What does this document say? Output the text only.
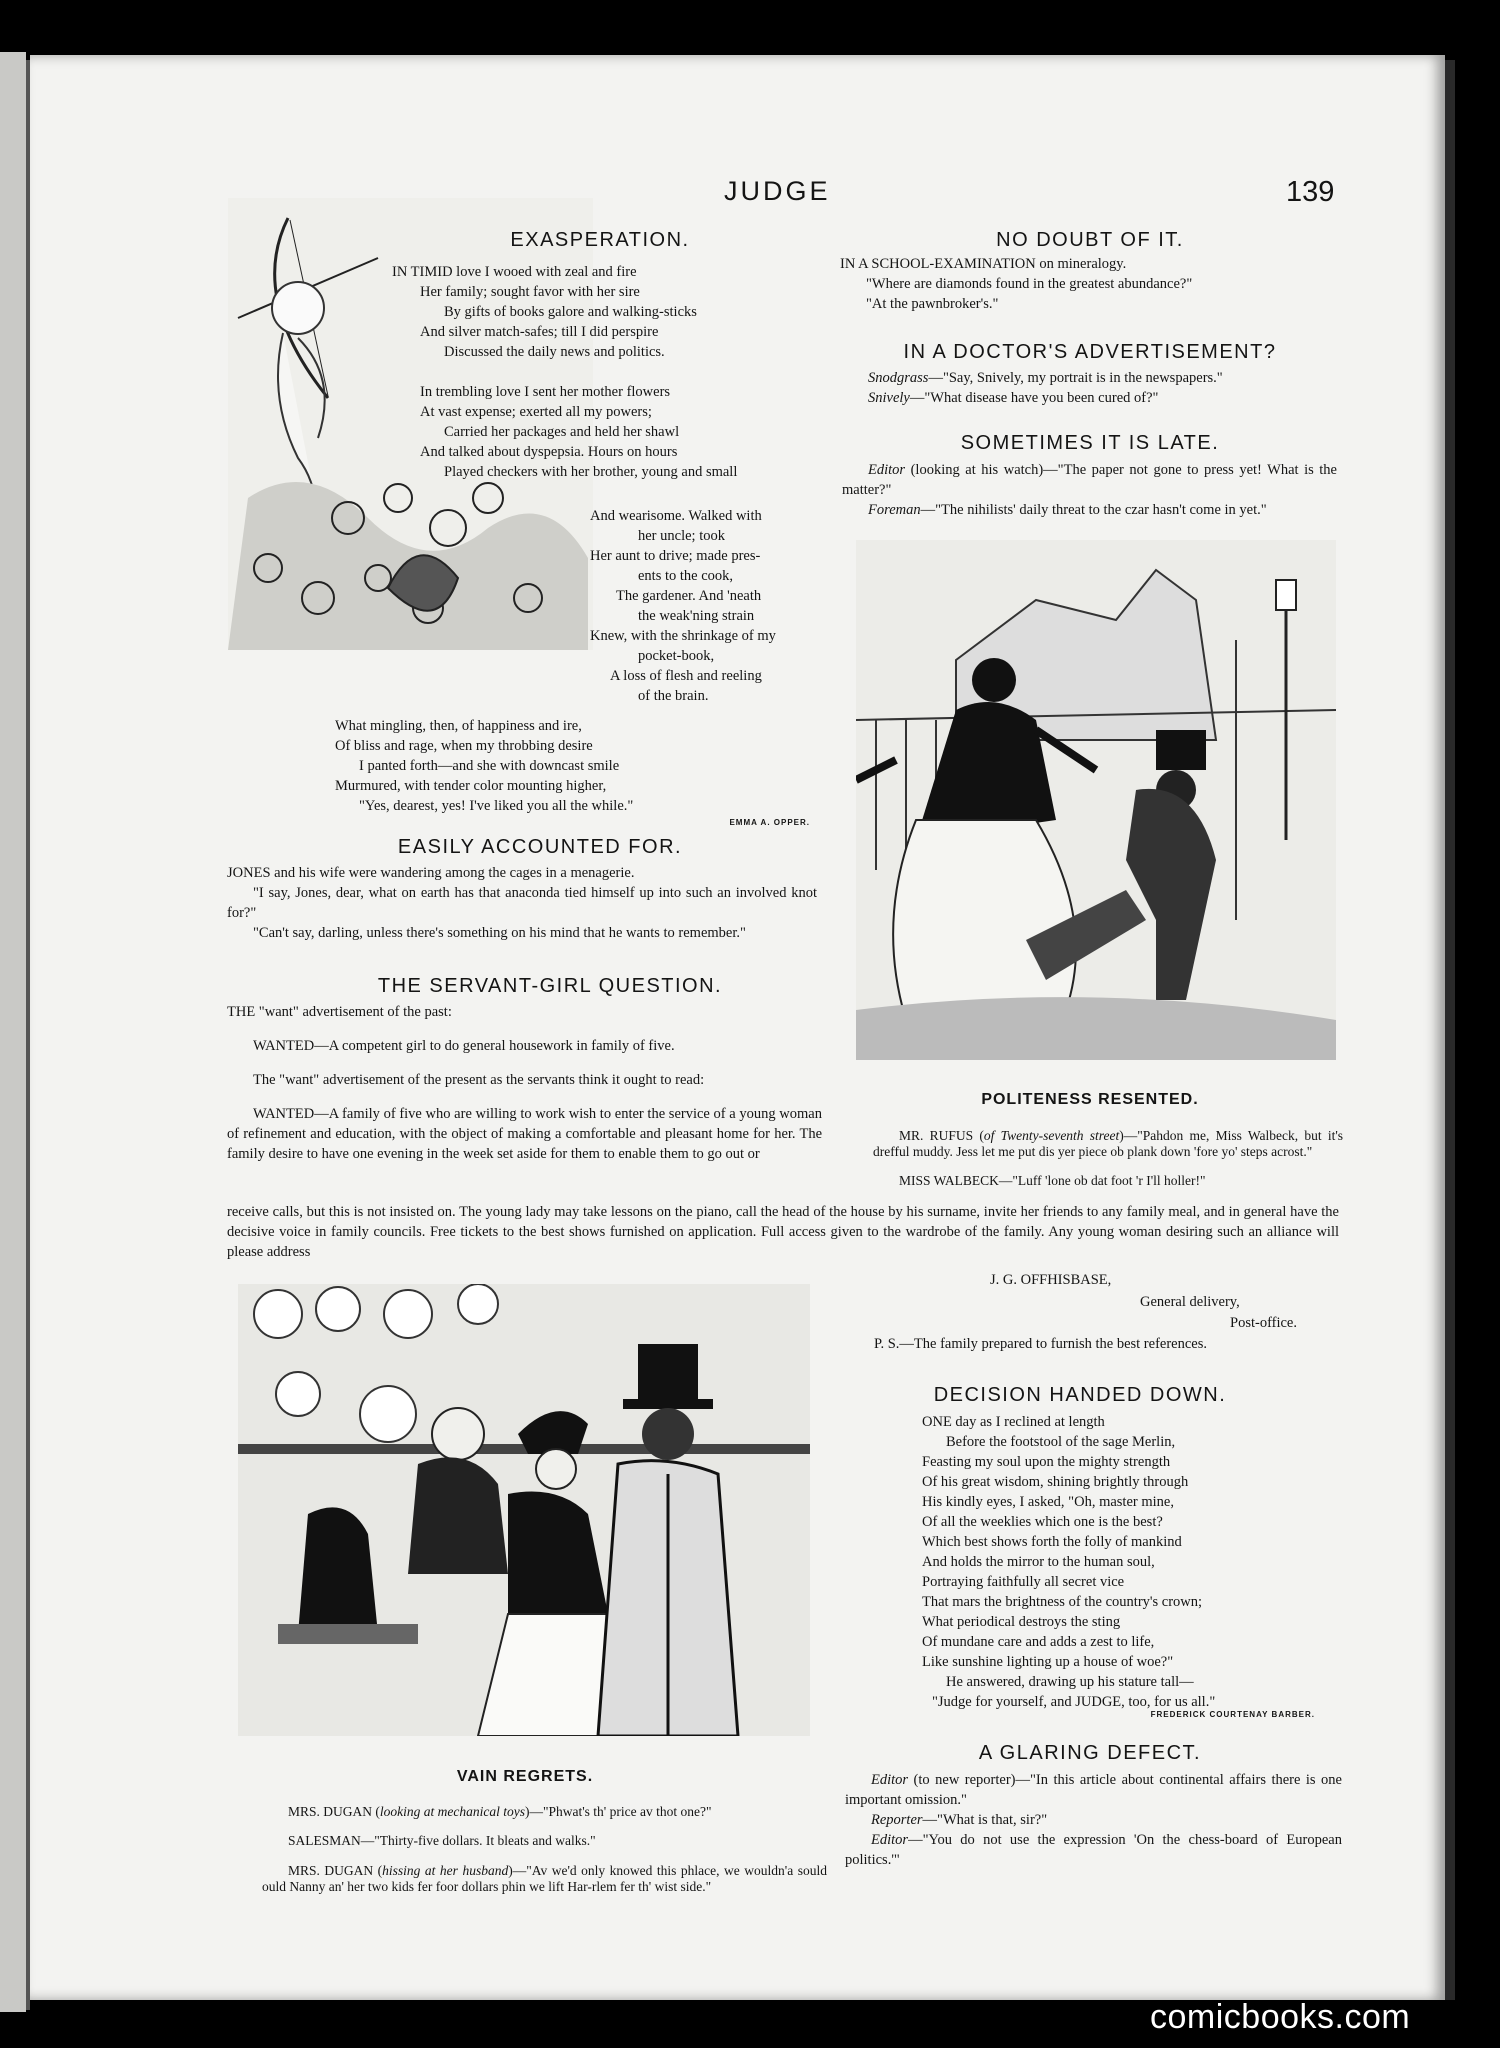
JUDGE	139
EXASPERATION.

IN TIMID love I wooed with zeal and fire

Her family; sought favor with her sire

By gifts of books galore and walking-sticks

And silver match-safes; till I did perspire

Discussed the daily news and politics.

In trembling love I sent her mother flowers

At vast expense; exerted all my powers;

Carried her packages and held her shawl

And talked about dyspepsia. Hours on hours

Played checkers with her brother, young and small

And wearisome. Walked with

her uncle; took

Her aunt to drive; made pres-

ents to the cook,

The gardener. And 'neath

the weak'ning strain

Knew, with the shrinkage of my

pocket-book,

A loss of flesh and reeling

of the brain.

What mingling, then, of happiness and ire,

Of bliss and rage, when my throbbing desire

I panted forth—and she with downcast smile

Murmured, with tender color mounting higher,

"Yes, dearest, yes! I've liked you all the while."

EMMA A. OPPER.
EASILY ACCOUNTED FOR.

JONES and his wife were wandering among the cages in a menagerie.

"I say, Jones, dear, what on earth has that anaconda tied himself up into such an involved knot for?"

"Can't say, darling, unless there's something on his mind that he wants to remember."

THE SERVANT-GIRL QUESTION.

THE "want" advertisement of the past:

WANTED—A competent girl to do general housework in family of five.

The "want" advertisement of the present as the servants think it ought to read:

WANTED—A family of five who are willing to work wish to enter the service of a young woman of refinement and education, with the object of making a comfortable and pleasant home for her. The family desire to have one evening in the week set aside for them to enable them to go out or

receive calls, but this is not insisted on. The young lady may take lessons on the piano, call the head of the house by his surname, invite her friends to any family meal, and in general have the decisive voice in family councils. Free tickets to the best shows furnished on application. Full access given to the wardrobe of the family. Any young woman desiring such an alliance will please address
J. G. OFFHISBASE,
General delivery,
Post-office.
P. S.—The family prepared to furnish the best references.
NO DOUBT OF IT.

IN A SCHOOL-EXAMINATION on mineralogy.

"Where are diamonds found in the greatest abundance?"

"At the pawnbroker's."

IN A DOCTOR'S ADVERTISEMENT?

Snodgrass—"Say, Snively, my portrait is in the newspapers."

Snively—"What disease have you been cured of?"

SOMETIMES IT IS LATE.

Editor (looking at his watch)—"The paper not gone to press yet! What is the matter?"

Foreman—"The nihilists' daily threat to the czar hasn't come in yet."

POLITENESS RESENTED.

MR. RUFUS (of Twenty-seventh street)—"Pahdon me, Miss Walbeck, but it's drefful muddy. Jess let me put dis yer piece ob plank down 'fore yo' steps acrost."

MISS WALBECK—"Luff 'lone ob dat foot 'r I'll holler!"

VAIN REGRETS.

MRS. DUGAN (looking at mechanical toys)—"Phwat's th' price av thot one?"

SALESMAN—"Thirty-five dollars. It bleats and walks."

MRS. DUGAN (hissing at her husband)—"Av we'd only knowed this phlace, we wouldn'a sould ould Nanny an' her two kids fer foor dollars phin we lift Har-rlem fer th' wist side."

DECISION HANDED DOWN.

ONE day as I reclined at length

Before the footstool of the sage Merlin,

Feasting my soul upon the mighty strength

Of his great wisdom, shining brightly through

His kindly eyes, I asked, "Oh, master mine,

Of all the weeklies which one is the best?

Which best shows forth the folly of mankind

And holds the mirror to the human soul,

Portraying faithfully all secret vice

That mars the brightness of the country's crown;

What periodical destroys the sting

Of mundane care and adds a zest to life,

Like sunshine lighting up a house of woe?"

He answered, drawing up his stature tall—

"Judge for yourself, and JUDGE, too, for us all."

FREDERICK COURTENAY BARBER.
A GLARING DEFECT.

Editor (to new reporter)—"In this article about continental affairs there is one important omission."

Reporter—"What is that, sir?"

Editor—"You do not use the expression 'On the chess-board of European politics.'"

comicbooks.com
